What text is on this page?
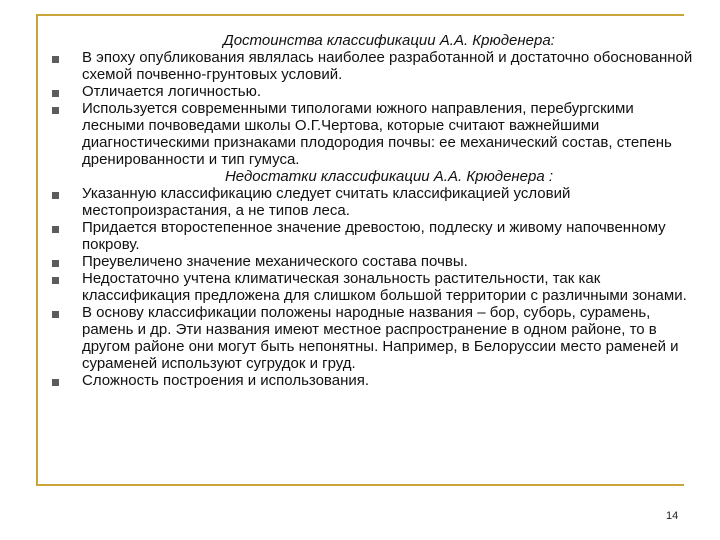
Достоинства классификации А.А. Крюденера:
В эпоху опубликования являлась наиболее разработанной и достаточно обоснованной схемой почвенно-грунтовых условий.
Отличается логичностью.
Используется современными типологами южного направления, перебургскими лесными почвоведами школы О.Г.Чертова, которые считают важнейшими диагностическими признаками плодородия почвы: ее механический состав, степень дренированности и тип гумуса.
Недостатки классификации А.А. Крюденера :
Указанную классификацию следует считать классификацией условий местопроизрастания, а не типов леса.
Придается второстепенное значение древостою, подлеску и живому напочвенному покрову.
Преувеличено значение механического состава почвы.
Недостаточно учтена климатическая зональность растительности, так как классификация предложена для слишком большой территории с различными зонами.
В основу классификации положены народные названия – бор, суборь, сурамень, рамень и др. Эти названия имеют местное распространение в одном районе, то в другом районе они могут быть непонятны. Например, в Белоруссии место раменей и сураменей используют сугрудок и груд.
Сложность построения и использования.
14
